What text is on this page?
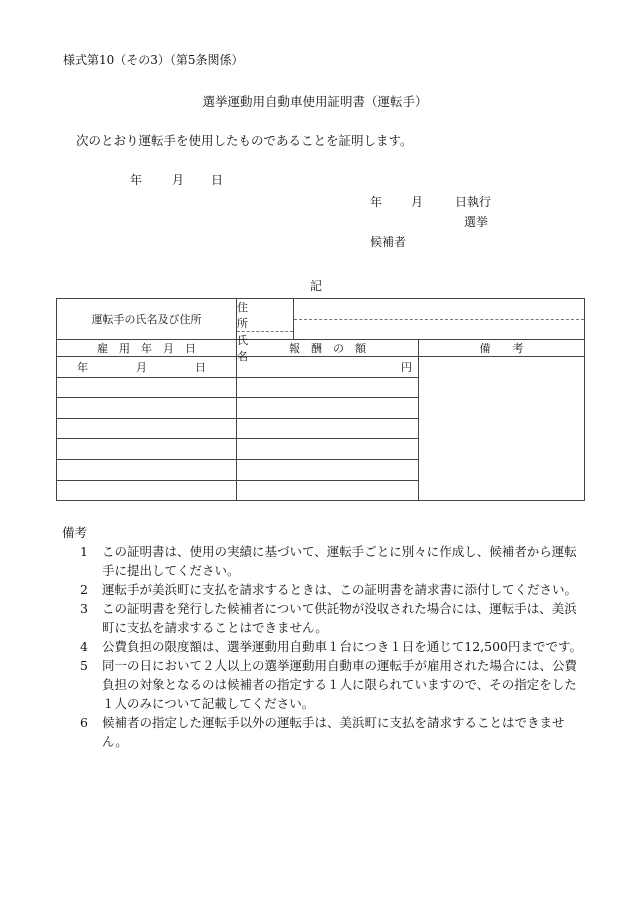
様式第10（その3）（第5条関係）
選挙運動用自動車使用証明書（運転手）
次のとおり運転手を使用したものであることを証明します。
年 月 日
年 月	日執行
選挙
候補者
記
運転手の氏名及び住所	住　所
氏　名	

雇　用　年　月　日	報　酬　の　額	備　　考

年 月 日	円	

備考
1	この証明書は、使用の実績に基づいて、運転手ごとに別々に作成し、候補者から運転手に提出してください。
2	運転手が美浜町に支払を請求するときは、この証明書を請求書に添付してください。
3	この証明書を発行した候補者について供託物が没収された場合には、運転手は、美浜町に支払を請求することはできません。
4	公費負担の限度額は、選挙運動用自動車１台につき１日を通じて12,500円までです。
5	同一の日において２人以上の選挙運動用自動車の運転手が雇用された場合には、公費負担の対象となるのは候補者の指定する１人に限られていますので、その指定をした１人のみについて記載してください。
6	候補者の指定した運転手以外の運転手は、美浜町に支払を請求することはできません。
